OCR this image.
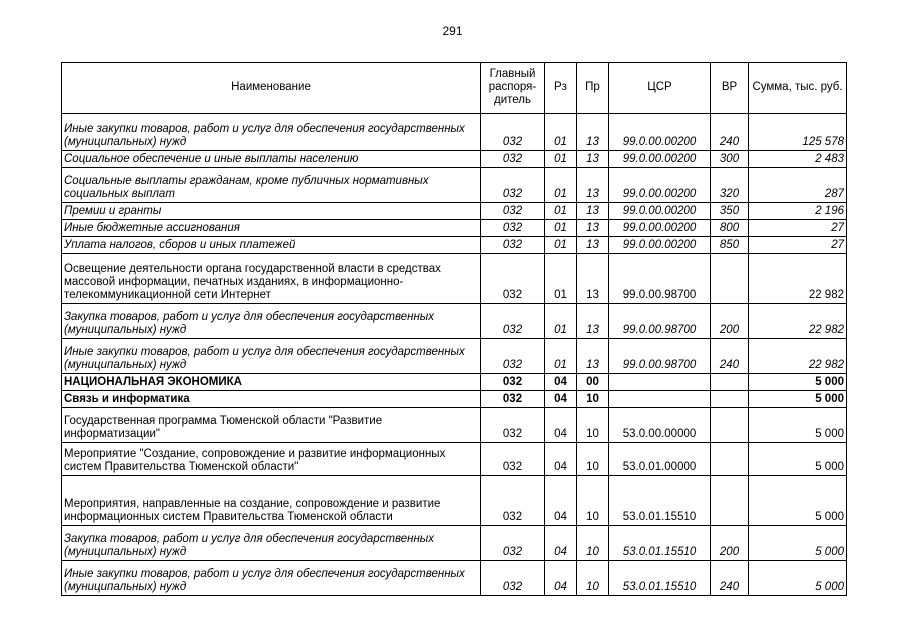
291
Наименование	Главный распоря-дитель	Рз	Пр	ЦСР	ВР	Сумма, тыс. руб.
Иные закупки товаров, работ и услуг для обеспечения государственных (муниципальных) нужд	032	01	13	99.0.00.00200	240	125 578
Социальное обеспечение и иные выплаты населению	032	01	13	99.0.00.00200	300	2 483
Социальные выплаты гражданам, кроме публичных нормативных социальных выплат	032	01	13	99.0.00.00200	320	287
Премии и гранты	032	01	13	99.0.00.00200	350	2 196
Иные бюджетные ассигнования	032	01	13	99.0.00.00200	800	27
Уплата налогов, сборов и иных платежей	032	01	13	99.0.00.00200	850	27
Освещение деятельности органа государственной власти в средствах массовой информации, печатных изданиях, в информационно-телекоммуникационной сети Интернет	032	01	13	99.0.00.98700		22 982
Закупка товаров, работ и услуг для обеспечения государственных (муниципальных) нужд	032	01	13	99.0.00.98700	200	22 982
Иные закупки товаров, работ и услуг для обеспечения государственных (муниципальных) нужд	032	01	13	99.0.00.98700	240	22 982
НАЦИОНАЛЬНАЯ ЭКОНОМИКА	032	04	00			5 000
Связь и информатика	032	04	10			5 000
Государственная программа Тюменской области "Развитие информатизации"	032	04	10	53.0.00.00000		5 000
Мероприятие "Создание, сопровождение и развитие информационных систем Правительства Тюменской области"	032	04	10	53.0.01.00000		5 000
Мероприятия, направленные на создание, сопровождение и развитие информационных систем Правительства Тюменской области	032	04	10	53.0.01.15510		5 000
Закупка товаров, работ и услуг для обеспечения государственных (муниципальных) нужд	032	04	10	53.0.01.15510	200	5 000
Иные закупки товаров, работ и услуг для обеспечения государственных (муниципальных) нужд	032	04	10	53.0.01.15510	240	5 000
